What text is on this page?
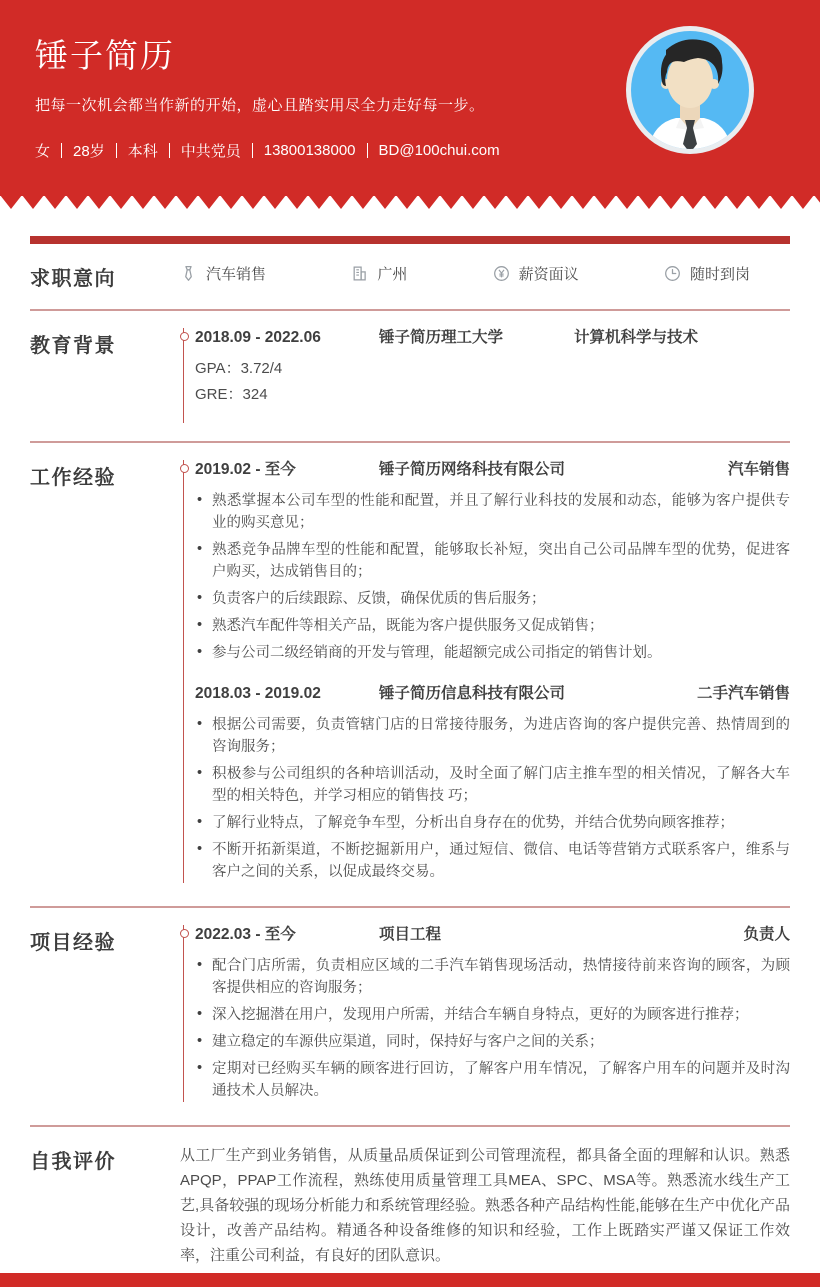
锤子简历

把每一次机会都当作新的开始，虚心且踏实用尽全力走好每一步。

女 28岁 本科 中共党员 13800138000 BD@100chui.com
求职意向	汽车销售	广州	薪资面议	随时到岗
教育背景	2018.09 - 2022.06	锤子简历理工大学	计算机科学与技术
GPA：3.72/4
GRE：324
工作经验	2019.02 - 至今	锤子简历网络科技有限公司	汽车销售
• 熟悉掌握本公司车型的性能和配置，并且了解行业科技的发展和动态，能够为客户提供专业的购买意见；
• 熟悉竞争品牌车型的性能和配置，能够取长补短，突出自己公司品牌车型的优势，促进客户购买，达成销售目的；
• 负责客户的后续跟踪、反馈，确保优质的售后服务；
• 熟悉汽车配件等相关产品，既能为客户提供服务又促成销售；
• 参与公司二级经销商的开发与管理，能超额完成公司指定的销售计划。
2018.03 - 2019.02	锤子简历信息科技有限公司	二手汽车销售
• 根据公司需要，负责管辖门店的日常接待服务，为进店咨询的客户提供完善、热情周到的咨询服务；
• 积极参与公司组织的各种培训活动，及时全面了解门店主推车型的相关情况，了解各大车型的相关特色，并学习相应的销售技 巧；
• 了解行业特点，了解竞争车型，分析出自身存在的优势，并结合优势向顾客推荐；
• 不断开拓新渠道，不断挖掘新用户，通过短信、微信、电话等营销方式联系客户，维系与客户之间的关系，以促成最终交易。
项目经验	2022.03 - 至今	项目工程	负责人
• 配合门店所需，负责相应区域的二手汽车销售现场活动，热情接待前来咨询的顾客，为顾客提供相应的咨询服务；
• 深入挖掘潜在用户，发现用户所需，并结合车辆自身特点，更好的为顾客进行推荐；
• 建立稳定的车源供应渠道，同时，保持好与客户之间的关系；
• 定期对已经购买车辆的顾客进行回访，了解客户用车情况，了解客户用车的问题并及时沟通技术人员解决。
自我评价	从工厂生产到业务销售，从质量品质保证到公司管理流程，都具备全面的理解和认识。熟悉APQP，PPAP工作流程，熟练使用质量管理工具MEA、SPC、MSA等。熟悉流水线生产工艺,具备较强的现场分析能力和系统管理经验。熟悉各种产品结构性能,能够在生产中优化产品设计，改善产品结构。精通各种设备维修的知识和经验，工作上既踏实严谨又保证工作效率，注重公司利益，有良好的团队意识。
